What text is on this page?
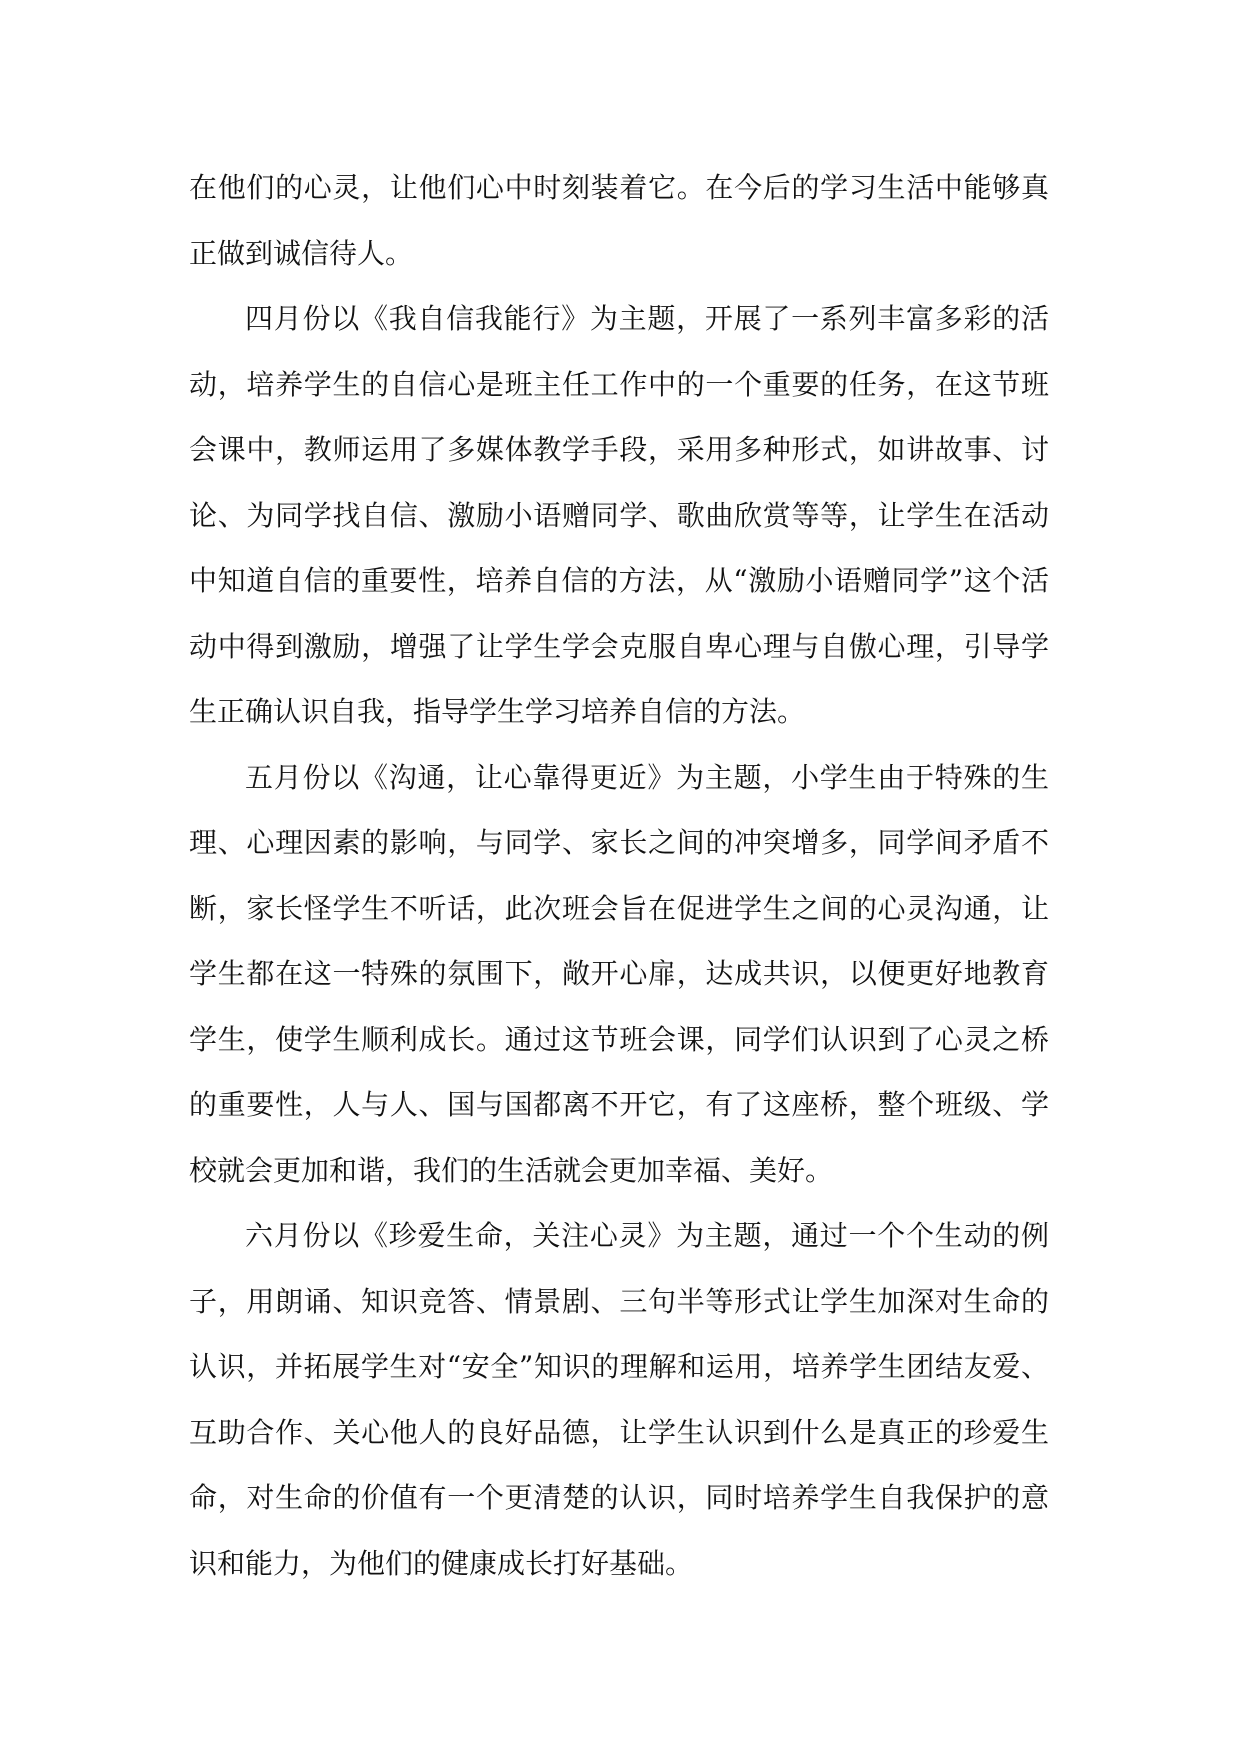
在他们的心灵，让他们心中时刻装着它。在今后的学习生活中能够真正做到诚信待人。

四月份以《我自信我能行》为主题，开展了一系列丰富多彩的活动，培养学生的自信心是班主任工作中的一个重要的任务，在这节班会课中，教师运用了多媒体教学手段，采用多种形式，如讲故事、讨论、为同学找自信、激励小语赠同学、歌曲欣赏等等，让学生在活动中知道自信的重要性，培养自信的方法，从“激励小语赠同学”这个活动中得到激励，增强了让学生学会克服自卑心理与自傲心理，引导学生正确认识自我，指导学生学习培养自信的方法。

五月份以《沟通，让心靠得更近》为主题，小学生由于特殊的生理、心理因素的影响，与同学、家长之间的冲突增多，同学间矛盾不断，家长怪学生不听话，此次班会旨在促进学生之间的心灵沟通，让学生都在这一特殊的氛围下，敞开心扉，达成共识，以便更好地教育学生，使学生顺利成长。通过这节班会课，同学们认识到了心灵之桥的重要性，人与人、国与国都离不开它，有了这座桥，整个班级、学校就会更加和谐，我们的生活就会更加幸福、美好。

六月份以《珍爱生命，关注心灵》为主题，通过一个个生动的例子，用朗诵、知识竞答、情景剧、三句半等形式让学生加深对生命的认识，并拓展学生对“安全”知识的理解和运用，培养学生团结友爱、互助合作、关心他人的良好品德，让学生认识到什么是真正的珍爱生命，对生命的价值有一个更清楚的认识，同时培养学生自我保护的意识和能力，为他们的健康成长打好基础。
